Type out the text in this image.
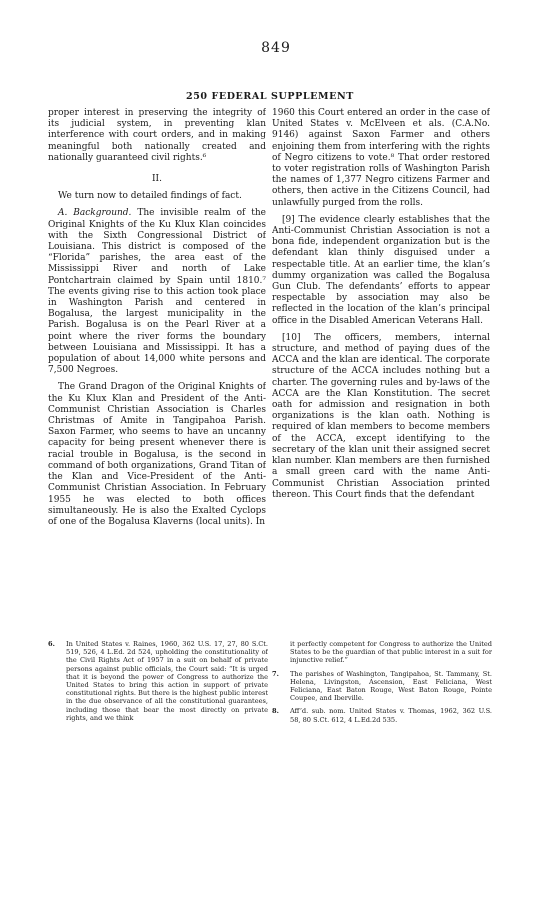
849
250 FEDERAL SUPPLEMENT

proper interest in preserving the integrity of its judicial system, in preventing klan interference with court orders, and in making meaningful both nationally created and nationally guaranteed civil rights.⁶

II.

We turn now to detailed findings of fact.

A. Background. The invisible realm of the Original Knights of the Ku Klux Klan coincides with the Sixth Congressional District of Louisiana. This district is composed of the “Florida” parishes, the area east of the Mississippi River and north of Lake Pontchartrain claimed by Spain until 1810.⁷ The events giving rise to this action took place in Washington Parish and centered in Bogalusa, the largest municipality in the Parish. Bogalusa is on the Pearl River at a point where the river forms the boundary between Louisiana and Mississippi. It has a population of about 14,000 white persons and 7,500 Negroes.

The Grand Dragon of the Original Knights of the Ku Klux Klan and President of the Anti-Communist Christian Association is Charles Christmas of Amite in Tangipahoa Parish. Saxon Farmer, who seems to have an uncanny capacity for being present whenever there is racial trouble in Bogalusa, is the second in command of both organizations, Grand Titan of the Klan and Vice-President of the Anti-Communist Christian Association. In February 1955 he was elected to both offices simultaneously. He is also the Exalted Cyclops of one of the Bogalusa Klaverns (local units). In

1960 this Court entered an order in the case of United States v. McElveen et als. (C.A.No. 9146) against Saxon Farmer and others enjoining them from interfering with the rights of Negro citizens to vote.⁸ That order restored to voter registration rolls of Washington Parish the names of 1,377 Negro citizens Farmer and others, then active in the Citizens Council, had unlawfully purged from the rolls.

[9] The evidence clearly establishes that the Anti-Communist Christian Association is not a bona fide, independent organization but is the defendant klan thinly disguised under a respectable title. At an earlier time, the klan’s dummy organization was called the Bogalusa Gun Club. The defendants’ efforts to appear respectable by association may also be reflected in the location of the klan’s principal office in the Disabled American Veterans Hall.

[10] The officers, members, internal structure, and method of paying dues of the ACCA and the klan are identical. The corporate structure of the ACCA includes nothing but a charter. The governing rules and by-laws of the ACCA are the Klan Konstitution. The secret oath for admission and resignation in both organizations is the klan oath. Nothing is required of klan members to become members of the ACCA, except identifying to the secretary of the klan unit their assigned secret klan number. Klan members are then furnished a small green card with the name Anti-Communist Christian Association printed thereon. This Court finds that the defendant

6. In United States v. Raines, 1960, 362 U.S. 17, 27, 80 S.Ct. 519, 526, 4 L.Ed. 2d 524, upholding the constitutionality of the Civil Rights Act of 1957 in a suit on behalf of private persons against public officials, the Court said: “It is urged that it is beyond the power of Congress to authorize the United States to bring this action in support of private constitutional rights. But there is the highest public interest in the due observance of all the constitutional guarantees, including those that bear the most directly on private rights, and we think
it perfectly competent for Congress to authorize the United States to be the guardian of that public interest in a suit for injunctive relief.”
7. The parishes of Washington, Tangipahoa, St. Tammany, St. Helena, Livingston, Ascension, East Feliciana, West Feliciana, East Baton Rouge, West Baton Rouge, Pointe Coupee, and Iberville.
8. Aff’d. sub. nom. United States v. Thomas, 1962, 362 U.S. 58, 80 S.Ct. 612, 4 L.Ed.2d 535.
